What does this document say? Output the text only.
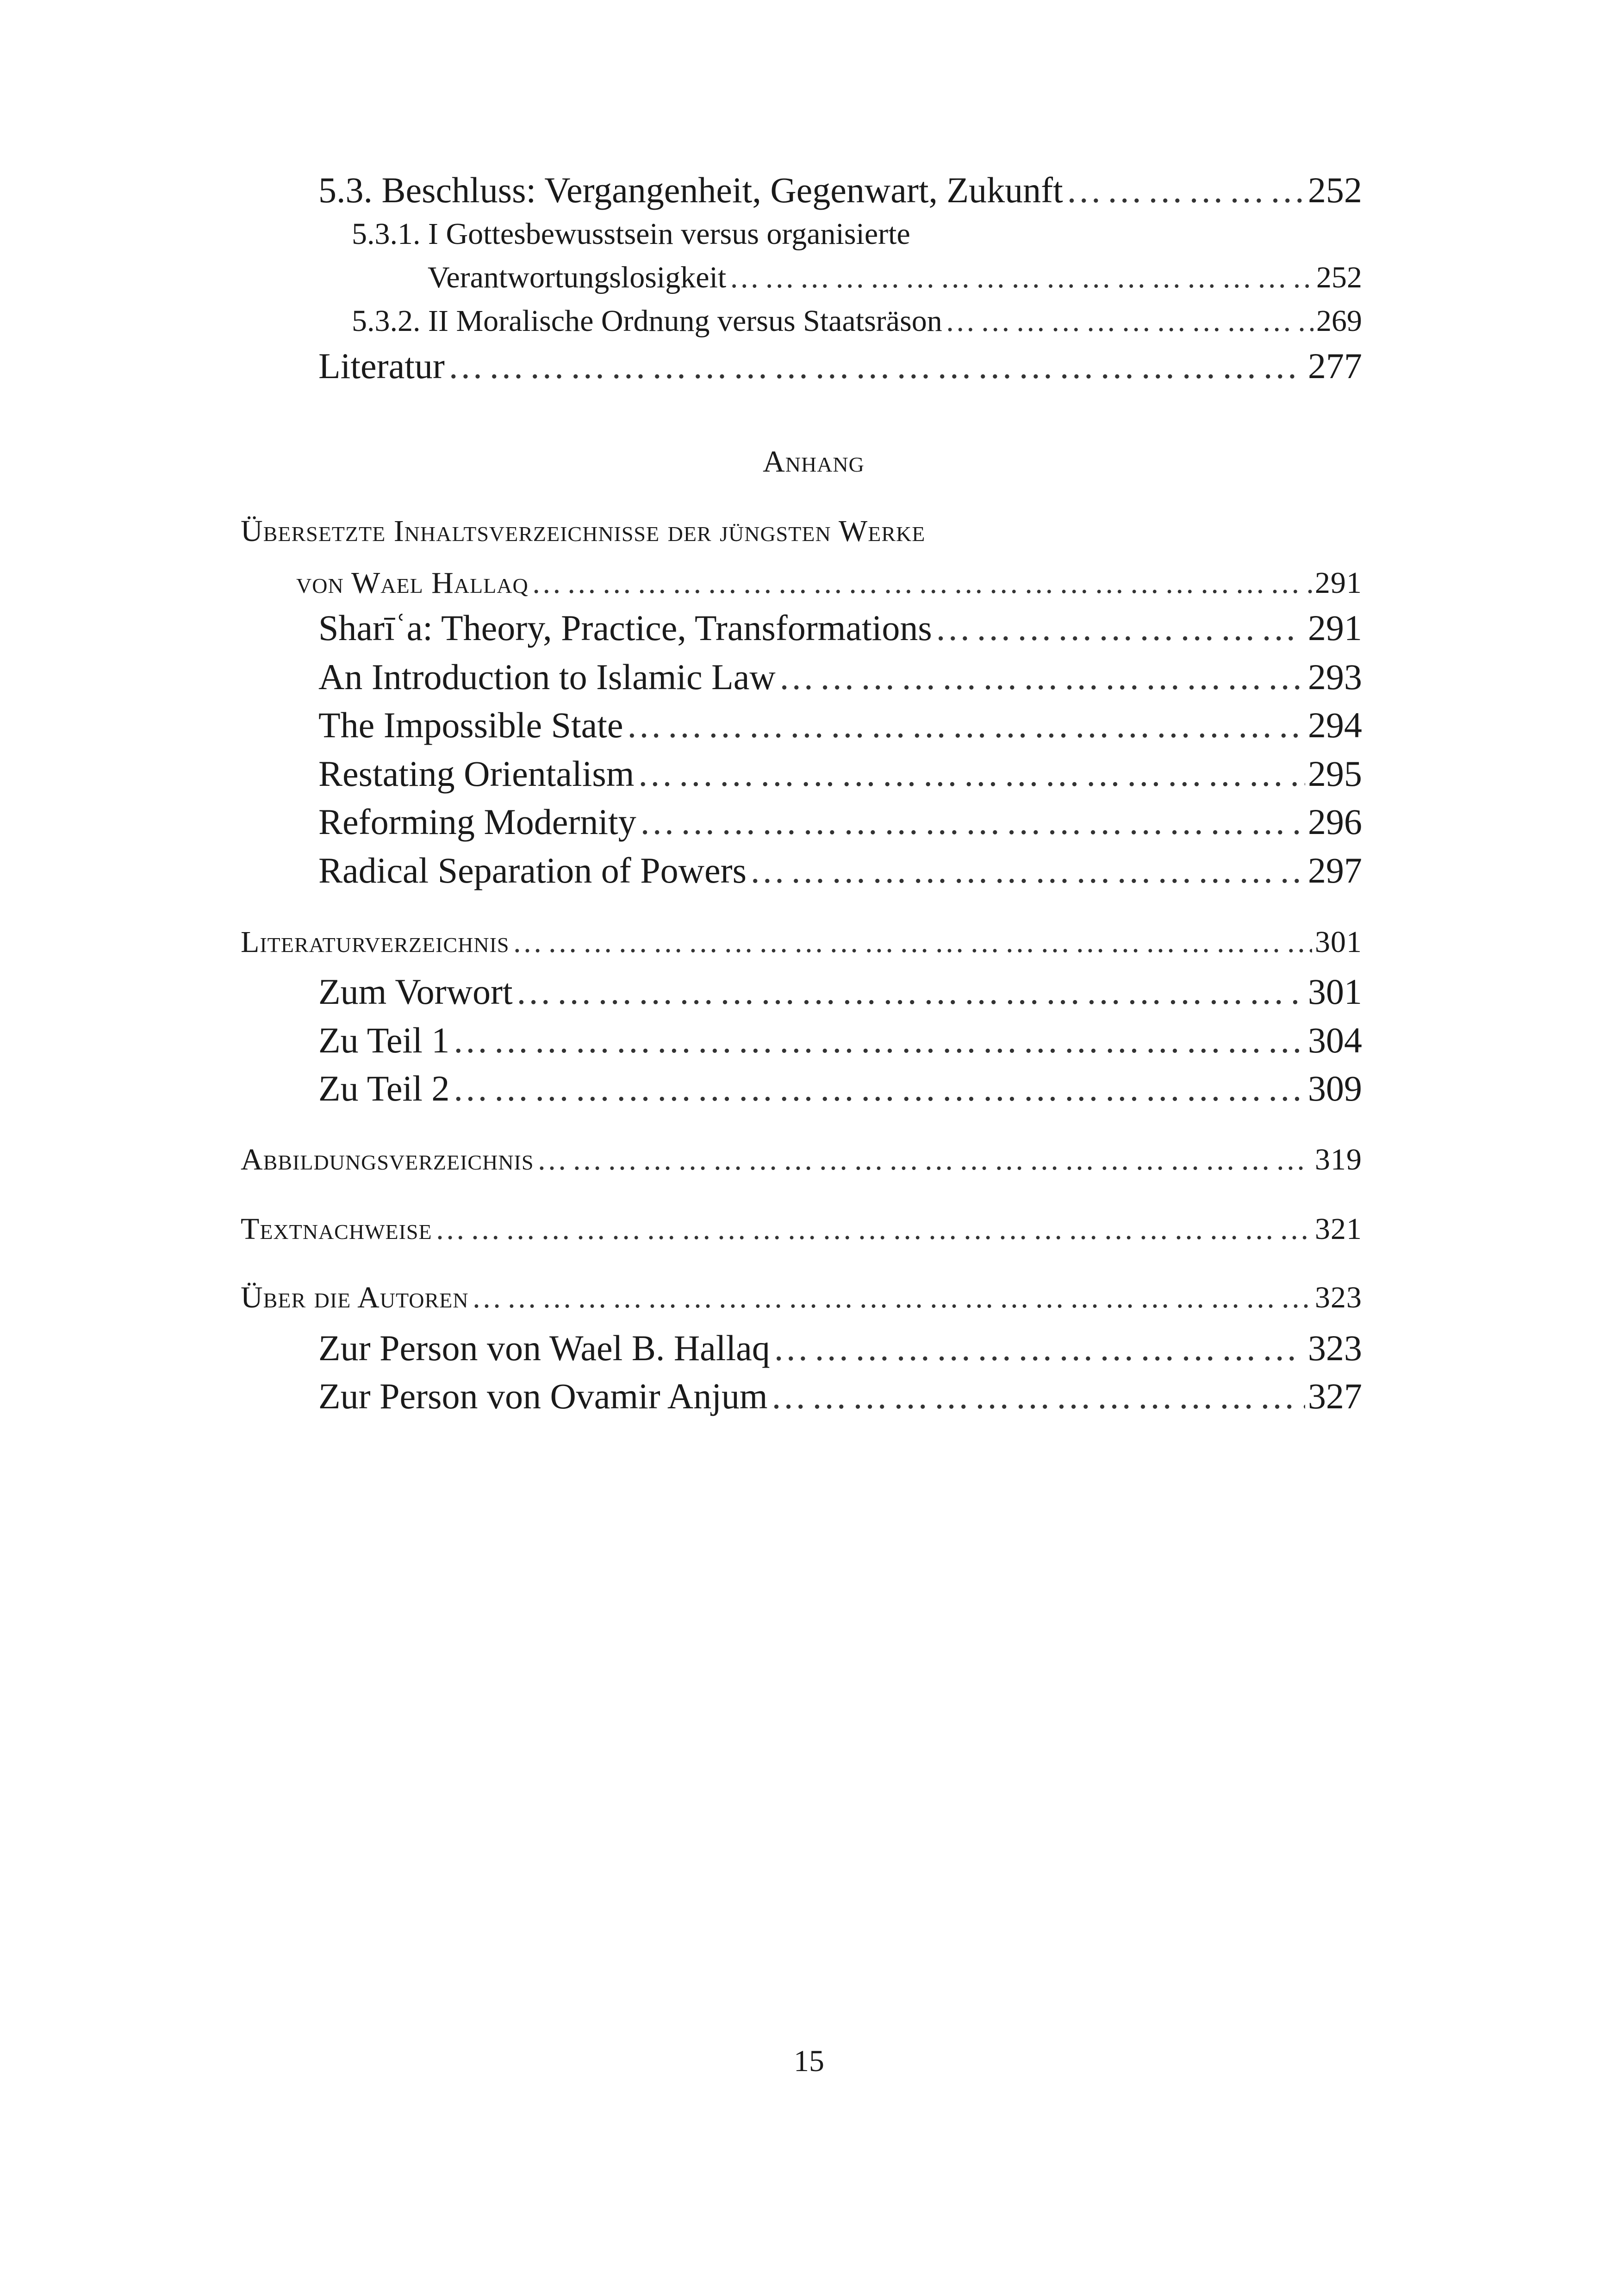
5.3. Beschluss: Vergangenheit, Gegenwart, Zukunft …………………………………………………………………………………………………………………………………………………………………………………………………………………………………………………………………………	252
5.3.1. I Gottesbewusstsein versus organisierte
Verantwortungslosigkeit …………………………………………………………………………………………………………………………………………………………………………………………………………………………………………………………………………	252
5.3.2. II Moralische Ordnung versus Staatsräson …………………………………………………………………………………………………………………………………………………………………………………………………………………………………………………………………………	269
Literatur …………………………………………………………………………………………………………………………………………………………………………………………………………………………………………………………………………	277
Anhang
Übersetzte Inhaltsverzeichnisse der jüngsten Werke
von Wael Hallaq …………………………………………………………………………………………………………………………………………………………………………………………………………………………………………………………………………	291
Sharīʿa: Theory, Practice, Transformations …………………………………………………………………………………………………………………………………………………………………………………………………………………………………………………………………………	291
An Introduction to Islamic Law …………………………………………………………………………………………………………………………………………………………………………………………………………………………………………………………………………	293
The Impossible State …………………………………………………………………………………………………………………………………………………………………………………………………………………………………………………………………………	294
Restating Orientalism …………………………………………………………………………………………………………………………………………………………………………………………………………………………………………………………………………	295
Reforming Modernity …………………………………………………………………………………………………………………………………………………………………………………………………………………………………………………………………………	296
Radical Separation of Powers …………………………………………………………………………………………………………………………………………………………………………………………………………………………………………………………………………	297
Literaturverzeichnis …………………………………………………………………………………………………………………………………………………………………………………………………………………………………………………………………………	301
Zum Vorwort …………………………………………………………………………………………………………………………………………………………………………………………………………………………………………………………………………	301
Zu Teil 1 …………………………………………………………………………………………………………………………………………………………………………………………………………………………………………………………………………	304
Zu Teil 2 …………………………………………………………………………………………………………………………………………………………………………………………………………………………………………………………………………	309
Abbildungsverzeichnis …………………………………………………………………………………………………………………………………………………………………………………………………………………………………………………………………………	319
Textnachweise …………………………………………………………………………………………………………………………………………………………………………………………………………………………………………………………………………	321
Über die Autoren …………………………………………………………………………………………………………………………………………………………………………………………………………………………………………………………………………	323
Zur Person von Wael B. Hallaq …………………………………………………………………………………………………………………………………………………………………………………………………………………………………………………………………………	323
Zur Person von Ovamir Anjum …………………………………………………………………………………………………………………………………………………………………………………………………………………………………………………………………………	327
15
